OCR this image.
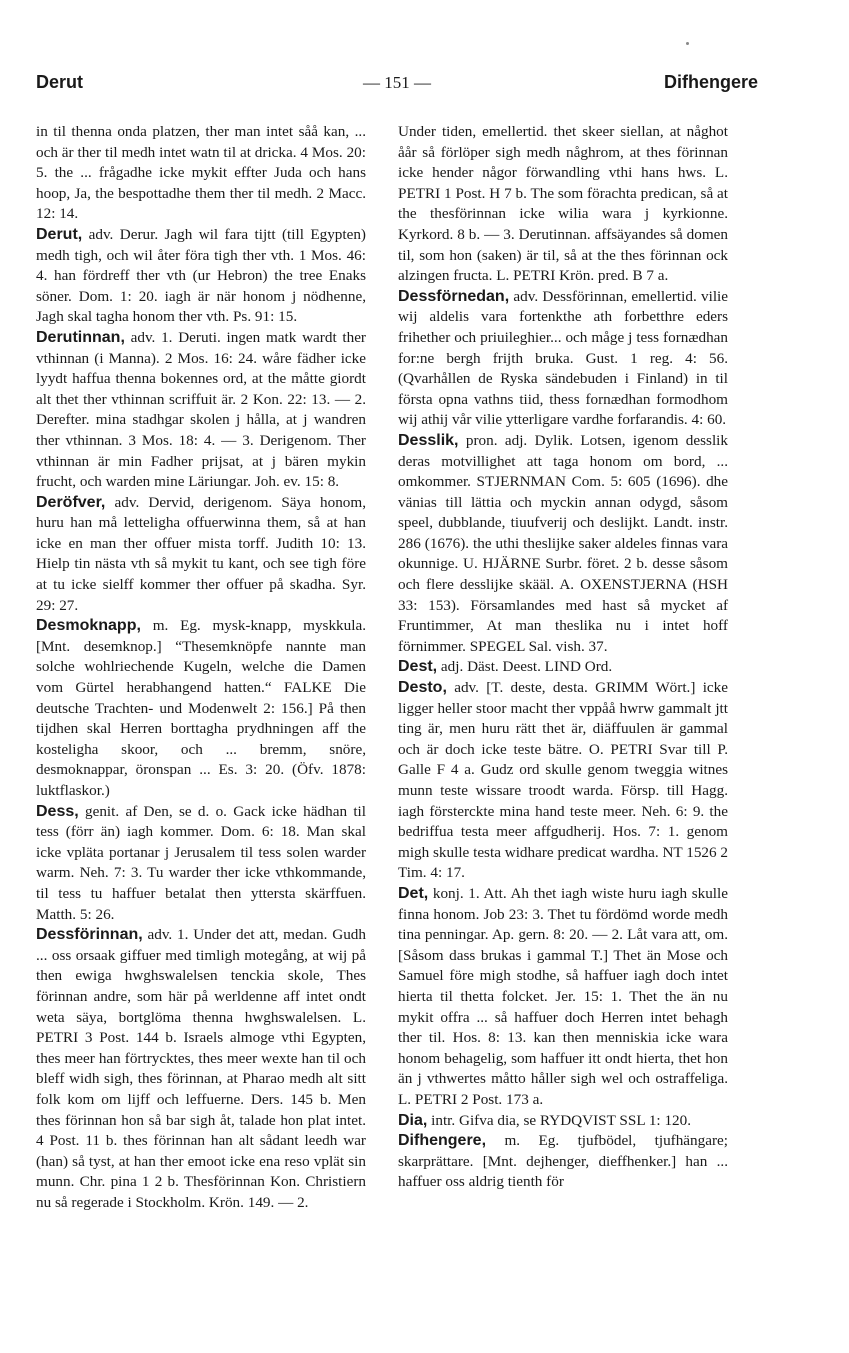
Derut	— 151 —	Difhengere

in til thenna onda platzen, ther man intet såå kan, ... och är ther til medh intet watn til at dricka. 4 Mos. 20: 5. the ... frågadhe icke mykit effter Juda och hans hoop, Ja, the bespottadhe them ther til medh. 2 Macc. 12: 14.

Derut, adv. Derur. Jagh wil fara tijtt (till Egypten) medh tigh, och wil åter föra tigh ther vth. 1 Mos. 46: 4. han fördreff ther vth (ur Hebron) the tree Enaks söner. Dom. 1: 20. iagh är när honom j nödhenne, Jagh skal tagha honom ther vth. Ps. 91: 15.

Derutinnan, adv. 1. Deruti. ingen matk wardt ther vthinnan (i Manna). 2 Mos. 16: 24. wåre fädher icke lyydt haffua thenna bokennes ord, at the måtte giordt alt thet ther vthinnan scriffuit är. 2 Kon. 22: 13. — 2. Derefter. mina stadhgar skolen j hålla, at j wandren ther vthinnan. 3 Mos. 18: 4. — 3. Derigenom. Ther vthinnan är min Fadher prijsat, at j bären mykin frucht, och warden mine Läriungar. Joh. ev. 15: 8.

Deröfver, adv. Dervid, derigenom. Säya honom, huru han må letteligha offuerwinna them, så at han icke en man ther offuer mista torff. Judith 10: 13. Hielp tin nästa vth så mykit tu kant, och see tigh före at tu icke sielff kommer ther offuer på skadha. Syr. 29: 27.

Desmoknapp, m. Eg. mysk-knapp, myskkula. [Mnt. desemknop.] “Thesemknöpfe nannte man solche wohlriechende Kugeln, welche die Damen vom Gürtel herabhangend hatten.“ FALKE Die deutsche Trachten- und Modenwelt 2: 156.] På then tijdhen skal Herren borttagha prydhningen aff the kosteligha skoor, och ... bremm, snöre, desmoknappar, öronspan ... Es. 3: 20. (Öfv. 1878: luktflaskor.)

Dess, genit. af Den, se d. o. Gack icke hädhan til tess (förr än) iagh kommer. Dom. 6: 18. Man skal icke vpläta portanar j Jerusalem til tess solen warder warm. Neh. 7: 3. Tu warder ther icke vthkommande, til tess tu haffuer betalat then yttersta skärffuen. Matth. 5: 26.

Dessförinnan, adv. 1. Under det att, medan. Gudh ... oss orsaak giffuer med timligh motegång, at wij på then ewiga hwghswalelsen tenckia skole, Thes förinnan andre, som här på werldenne aff intet ondt weta säya, bortglöma thenna hwghswalelsen. L. PETRI 3 Post. 144 b. Israels almoge vthi Egypten, thes meer han förtrycktes, thes meer wexte han til och bleff widh sigh, thes förinnan, at Pharao medh alt sitt folk kom om lijff och leffuerne. Ders. 145 b. Men thes förinnan hon så bar sigh åt, talade hon plat intet. 4 Post. 11 b. thes förinnan han alt sådant leedh war (han) så tyst, at han ther emoot icke ena reso vplät sin munn. Chr. pina 1 2 b. Thesförinnan Kon. Christiern nu så regerade i Stockholm. Krön. 149. — 2.

Under tiden, emellertid. thet skeer siellan, at någhot åår så förlöper sigh medh någhrom, at thes förinnan icke hender någor förwandling vthi hans hws. L. PETRI 1 Post. H 7 b. The som förachta predican, så at the thesförinnan icke wilia wara j kyrkionne. Kyrkord. 8 b. — 3. Derutinnan. affsäyandes så domen til, som hon (saken) är til, så at the thes förinnan ock alzingen fructa. L. PETRI Krön. pred. B 7 a.

Dessförnedan, adv. Dessförinnan, emellertid. vilie wij aldelis vara fortenkthe ath forbetthre eders frihether och priuileghier... och måge j tess fornædhan for:ne bergh frijth bruka. Gust. 1 reg. 4: 56. (Qvarhållen de Ryska sändebuden i Finland) in til första opna vathns tiid, thess fornædhan formodhom wij athij vår vilie ytterligare vardhe forfarandis. 4: 60.

Desslik, pron. adj. Dylik. Lotsen, igenom desslik deras motvillighet att taga honom om bord, ... omkommer. STJERNMAN Com. 5: 605 (1696). dhe vänias till lättia och myckin annan odygd, såsom speel, dubblande, tiuufverij och deslijkt. Landt. instr. 286 (1676). the uthi theslijke saker aldeles finnas vara okunnige. U. HJÄRNE Surbr. föret. 2 b. desse såsom och flere desslijke skääl. A. OXENSTJERNA (HSH 33: 153). Församlandes med hast så mycket af Fruntimmer, At man theslika nu i intet hoff förnimmer. SPEGEL Sal. vish. 37.

Dest, adj. Däst. Deest. LIND Ord.

Desto, adv. [T. deste, desta. GRIMM Wört.] icke ligger heller stoor macht ther vppåå hwrw gammalt jtt ting är, men huru rätt thet är, diäffuulen är gammal och är doch icke teste bätre. O. PETRI Svar till P. Galle F 4 a. Gudz ord skulle genom tweggia witnes munn teste wissare troodt warda. Försp. till Hagg. iagh försterckte mina hand teste meer. Neh. 6: 9. the bedriffua testa meer affgudherij. Hos. 7: 1. genom migh skulle testa widhare predicat wardha. NT 1526 2 Tim. 4: 17.

Det, konj. 1. Att. Ah thet iagh wiste huru iagh skulle finna honom. Job 23: 3. Thet tu fördömd worde medh tina penningar. Ap. gern. 8: 20. — 2. Låt vara att, om. [Såsom dass brukas i gammal T.] Thet än Mose och Samuel före migh stodhe, så haffuer iagh doch intet hierta til thetta folcket. Jer. 15: 1. Thet the än nu mykit offra ... så haffuer doch Herren intet behagh ther til. Hos. 8: 13. kan then menniskia icke wara honom behagelig, som haffuer itt ondt hierta, thet hon än j vthwertes måtto håller sigh wel och ostraffeliga. L. PETRI 2 Post. 173 a.

Dia, intr. Gifva dia, se RYDQVIST SSL 1: 120.

Difhengere, m. Eg. tjufbödel, tjufhängare; skarprättare. [Mnt. dejhenger, dieffhenker.] han ... haffuer oss aldrig tienth för
